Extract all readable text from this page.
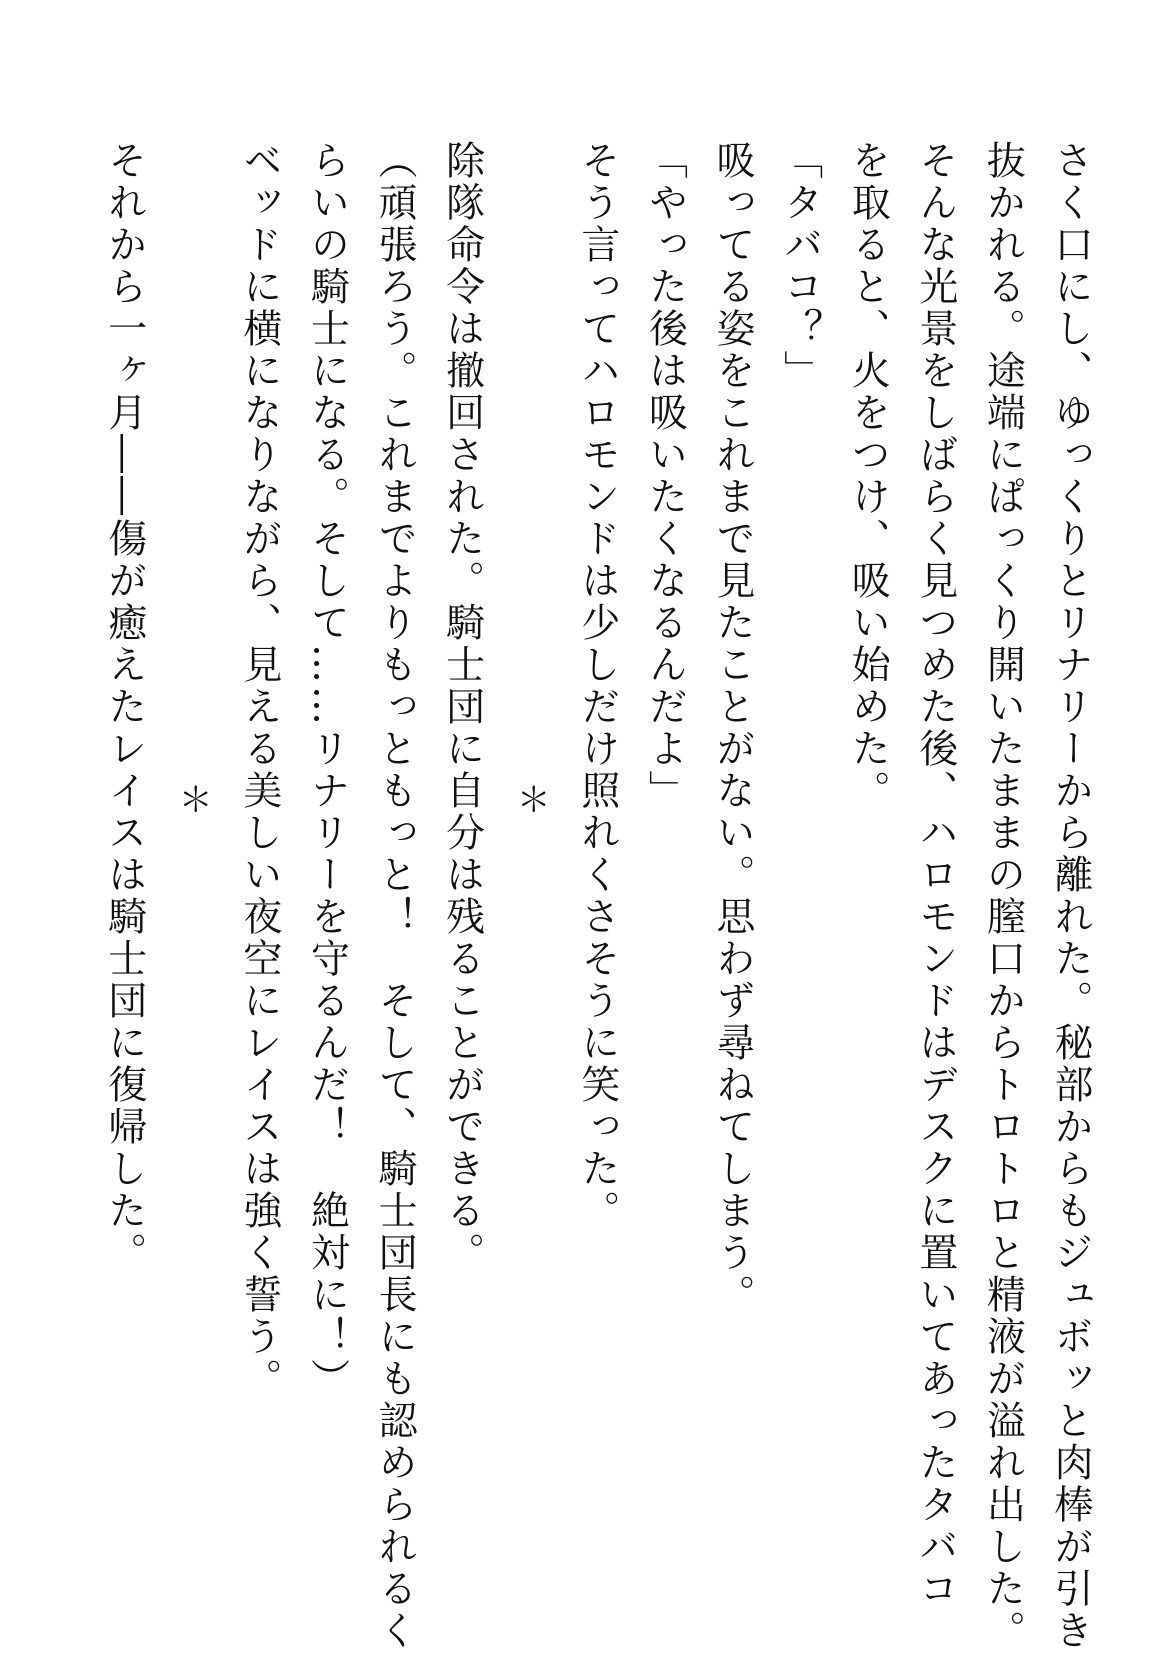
さく口にし、ゆっくりとリナリーから離れた。秘部からもジュボッと肉棒が引き

抜かれる。途端にぱっくり開いたままの膣口からトロトロと精液が溢れ出した。

そんな光景をしばらく見つめた後、ハロモンドはデスクに置いてあったタバコ

を取ると、火をつけ、吸い始めた。

「タバコ？」

吸ってる姿をこれまで見たことがない。思わず尋ねてしまう。

「やった後は吸いたくなるんだよ」

そう言ってハロモンドは少しだけ照れくさそうに笑った。

＊

除隊命令は撤回された。騎士団に自分は残ることができる。

（頑張ろう。これまでよりもっともっと！　そして、騎士団長にも認められるく

らいの騎士になる。そして……リナリーを守るんだ！　絶対に！）

ベッドに横になりながら、見える美しい夜空にレイスは強く誓う。

＊

それから一ヶ月――傷が癒えたレイスは騎士団に復帰した。
